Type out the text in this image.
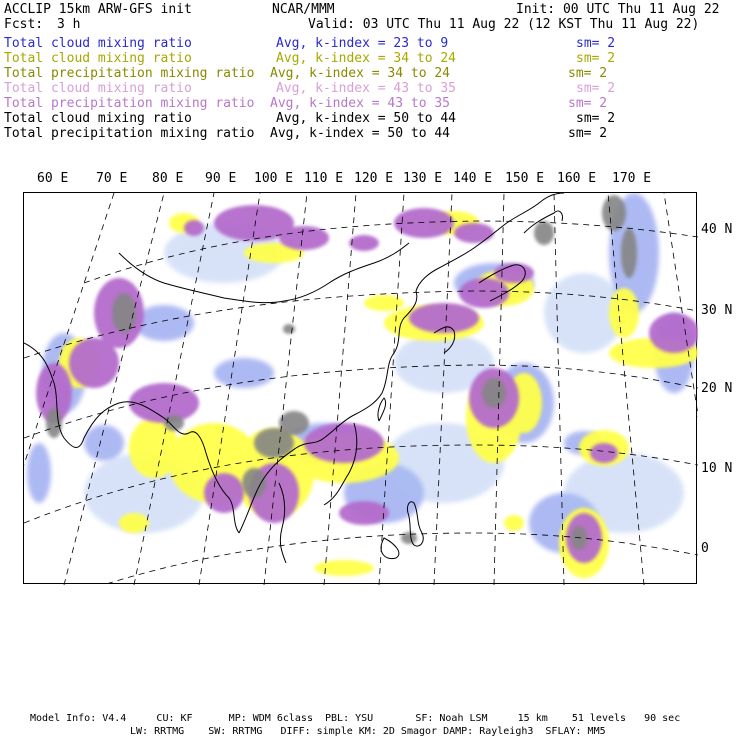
ACCLIP 15km ARW-GFS init	NCAR/MMM	Init: 00 UTC Thu 11 Aug 22
Fcst: 3 h	Valid: 03 UTC Thu 11 Aug 22 (12 KST Thu 11 Aug 22)
Total cloud mixing ratio	Avg, k-index = 23 to 9	sm= 2
Total cloud mixing ratio	Avg, k-index = 34 to 24	sm= 2
Total precipitation mixing ratio Avg, k-index = 34 to 24	sm= 2
Total cloud mixing ratio	Avg, k-index = 43 to 35	sm= 2
Total precipitation mixing ratio Avg, k-index = 43 to 35	sm= 2
Total cloud mixing ratio	Avg, k-index = 50 to 44	sm= 2
Total precipitation mixing ratio Avg, k-index = 50 to 44	sm= 2
60 E 70 E 80 E 90 E 100 E 110 E 120 E 130 E 140 E 150 E 160 E 170 E
40 N
30 N
20 N
10 N
0
Model Info: V4.4     CU: KF      MP: WDM 6class  PBL: YSU       SF: Noah LSM     15 km    51 levels   90 sec
LW: RRTMG    SW: RRTMG   DIFF: simple KM: 2D Smagor DAMP: Rayleigh3  SFLAY: MM5
